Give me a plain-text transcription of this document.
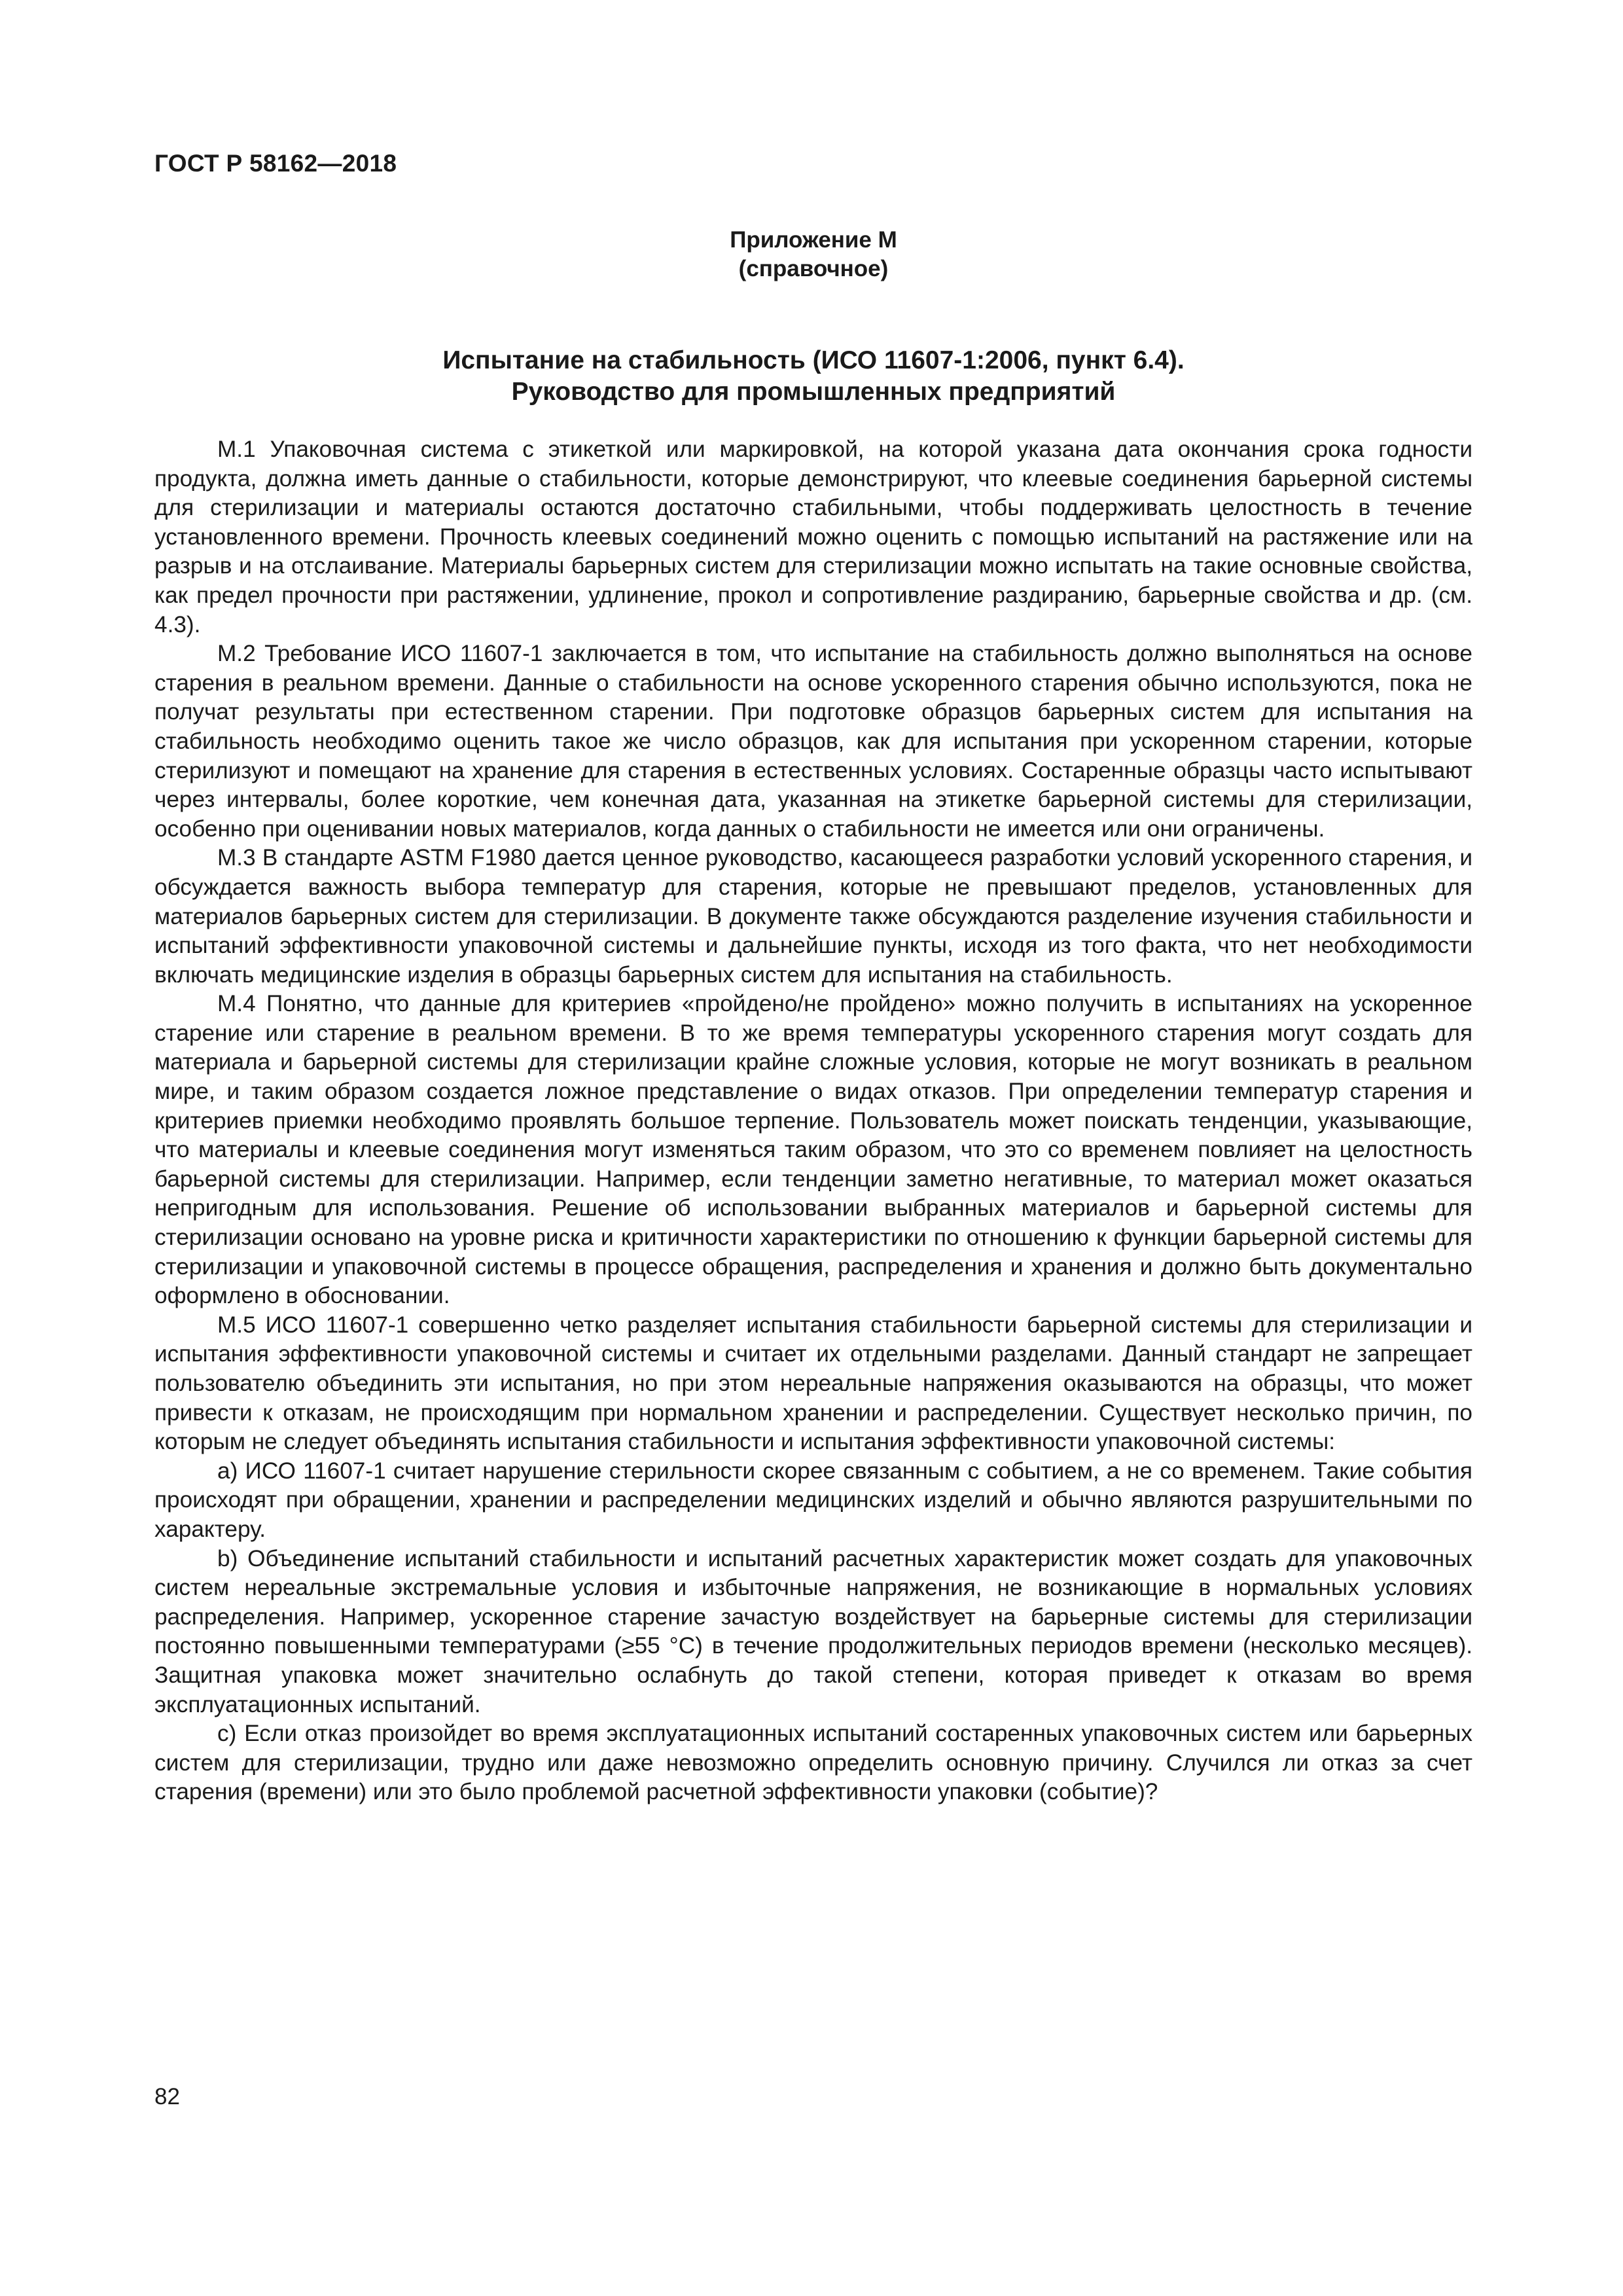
ГОСТ Р 58162—2018
Приложение М
(справочное)
Испытание на стабильность (ИСО 11607-1:2006, пункт 6.4).
Руководство для промышленных предприятий

М.1 Упаковочная система с этикеткой или маркировкой, на которой указана дата окончания срока годности продукта, должна иметь данные о стабильности, которые демонстрируют, что клеевые соединения барьерной системы для стерилизации и материалы остаются достаточно стабильными, чтобы поддерживать целостность в течение установленного времени. Прочность клеевых соединений можно оценить с помощью испытаний на растяжение или на разрыв и на отслаивание. Материалы барьерных систем для стерилизации можно испытать на такие основные свойства, как предел прочности при растяжении, удлинение, прокол и сопротивление раздиранию, барьерные свойства и др. (см. 4.3).

М.2 Требование ИСО 11607-1 заключается в том, что испытание на стабильность должно выполняться на основе старения в реальном времени. Данные о стабильности на основе ускоренного старения обычно используются, пока не получат результаты при естественном старении. При подготовке образцов барьерных систем для испытания на стабильность необходимо оценить такое же число образцов, как для испытания при ускоренном старении, которые стерилизуют и помещают на хранение для старения в естественных условиях. Состаренные образцы часто испытывают через интервалы, более короткие, чем конечная дата, указанная на этикетке барьерной системы для стерилизации, особенно при оценивании новых материалов, когда данных о стабильности не имеется или они ограничены.

М.3 В стандарте ASTM F1980 дается ценное руководство, касающееся разработки условий ускоренного старения, и обсуждается важность выбора температур для старения, которые не превышают пределов, установленных для материалов барьерных систем для стерилизации. В документе также обсуждаются разделение изучения стабильности и испытаний эффективности упаковочной системы и дальнейшие пункты, исходя из того факта, что нет необходимости включать медицинские изделия в образцы барьерных систем для испытания на стабильность.

М.4 Понятно, что данные для критериев «пройдено/не пройдено» можно получить в испытаниях на ускоренное старение или старение в реальном времени. В то же время температуры ускоренного старения могут создать для материала и барьерной системы для стерилизации крайне сложные условия, которые не могут возникать в реальном мире, и таким образом создается ложное представление о видах отказов. При определении температур старения и критериев приемки необходимо проявлять большое терпение. Пользователь может поискать тенденции, указывающие, что материалы и клеевые соединения могут изменяться таким образом, что это со временем повлияет на целостность барьерной системы для стерилизации. Например, если тенденции заметно негативные, то материал может оказаться непригодным для использования. Решение об использовании выбранных материалов и барьерной системы для стерилизации основано на уровне риска и критичности характеристики по отношению к функции барьерной системы для стерилизации и упаковочной системы в процессе обращения, распределения и хранения и должно быть документально оформлено в обосновании.

М.5 ИСО 11607-1 совершенно четко разделяет испытания стабильности барьерной системы для стерилизации и испытания эффективности упаковочной системы и считает их отдельными разделами. Данный стандарт не запрещает пользователю объединить эти испытания, но при этом нереальные напряжения оказываются на образцы, что может привести к отказам, не происходящим при нормальном хранении и распределении. Существует несколько причин, по которым не следует объединять испытания стабильности и испытания эффективности упаковочной системы:

a) ИСО 11607-1 считает нарушение стерильности скорее связанным с событием, а не со временем. Такие события происходят при обращении, хранении и распределении медицинских изделий и обычно являются разрушительными по характеру.

b) Объединение испытаний стабильности и испытаний расчетных характеристик может создать для упаковочных систем нереальные экстремальные условия и избыточные напряжения, не возникающие в нормальных условиях распределения. Например, ускоренное старение зачастую воздействует на барьерные системы для стерилизации постоянно повышенными температурами (≥55 °С) в течение продолжительных периодов времени (несколько месяцев). Защитная упаковка может значительно ослабнуть до такой степени, которая приведет к отказам во время эксплуатационных испытаний.

c) Если отказ произойдет во время эксплуатационных испытаний состаренных упаковочных систем или барьерных систем для стерилизации, трудно или даже невозможно определить основную причину. Случился ли отказ за счет старения (времени) или это было проблемой расчетной эффективности упаковки (событие)?

82
